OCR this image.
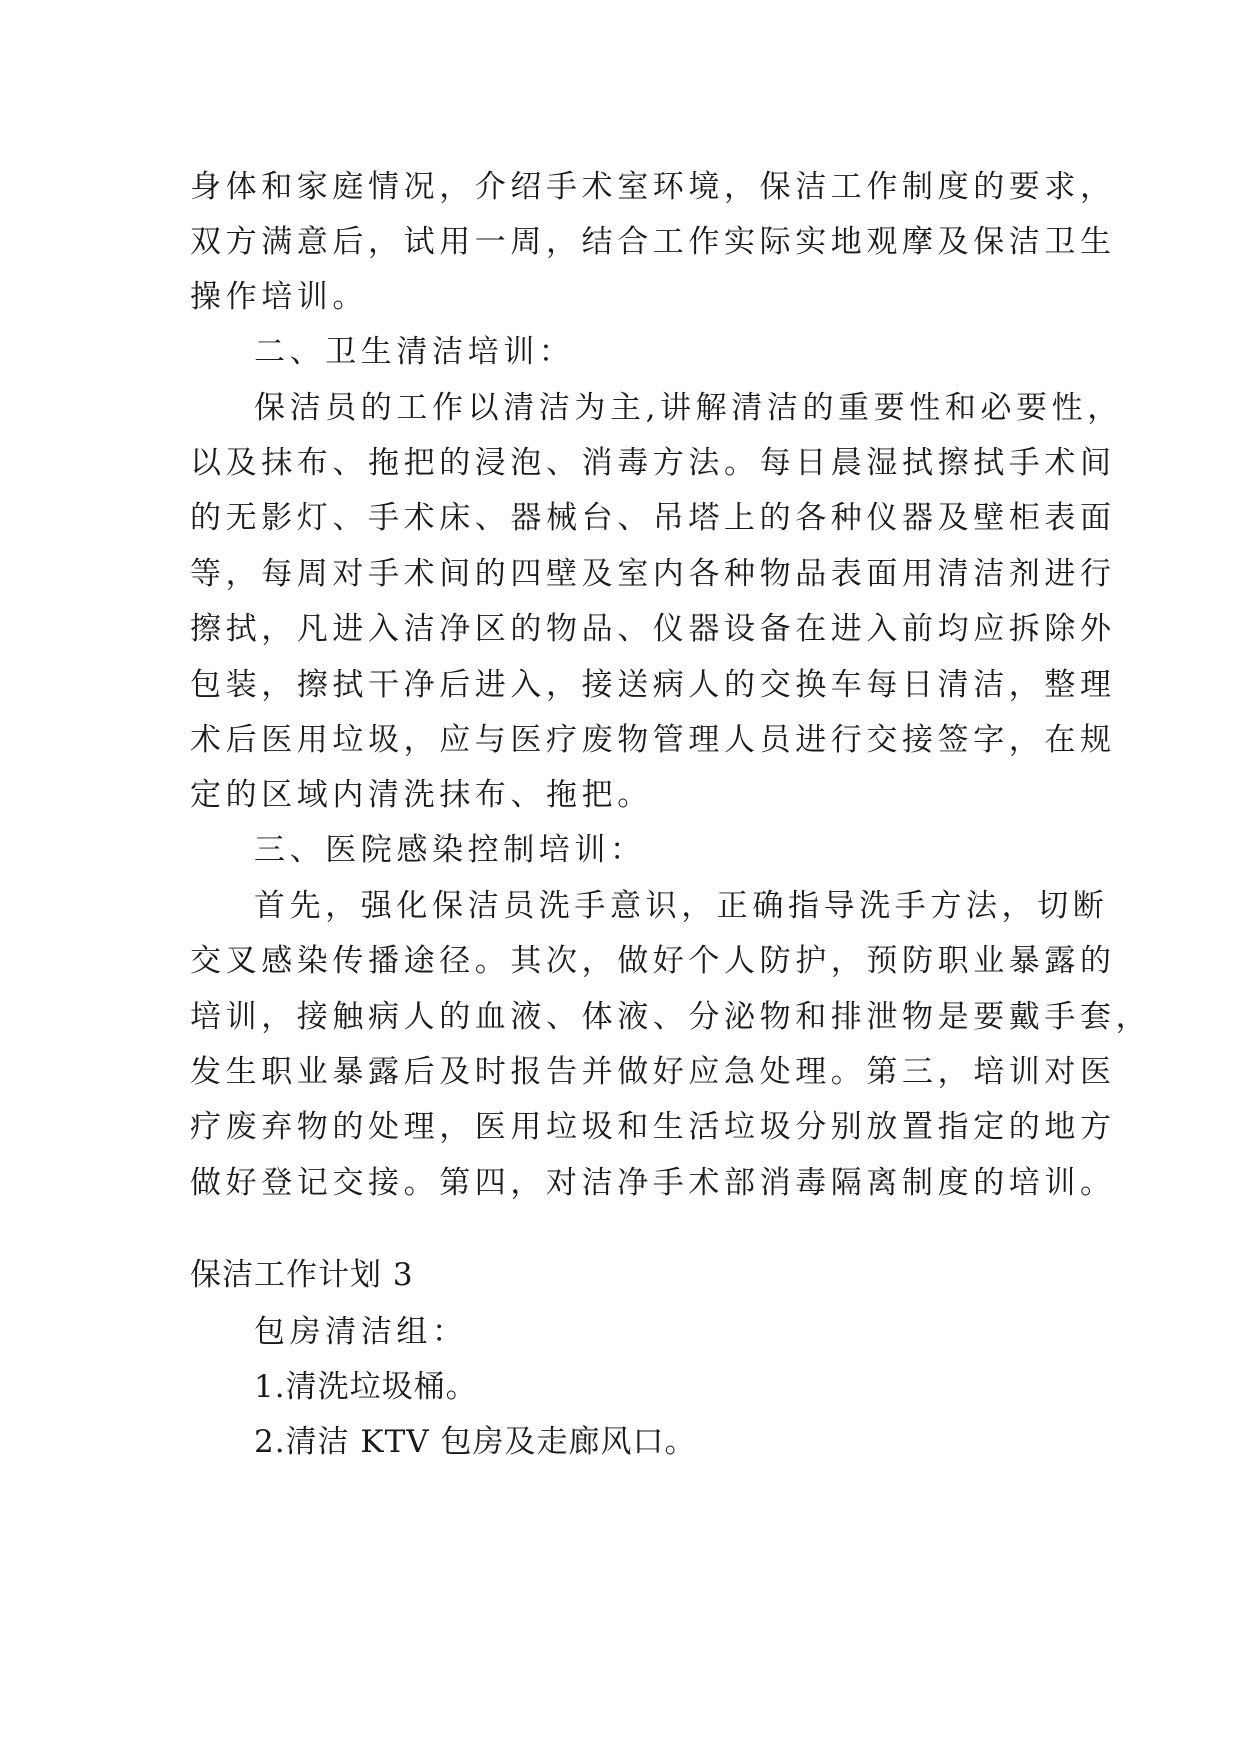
身体和家庭情况，介绍手术室环境，保洁工作制度的要求，
双方满意后，试用一周，结合工作实际实地观摩及保洁卫生
操作培训。
二、卫生清洁培训：
保洁员的工作以清洁为主,讲解清洁的重要性和必要性，
以及抹布、拖把的浸泡、消毒方法。每日晨湿拭擦拭手术间
的无影灯、手术床、器械台、吊塔上的各种仪器及壁柜表面
等，每周对手术间的四壁及室内各种物品表面用清洁剂进行
擦拭，凡进入洁净区的物品、仪器设备在进入前均应拆除外
包装，擦拭干净后进入，接送病人的交换车每日清洁，整理
术后医用垃圾，应与医疗废物管理人员进行交接签字，在规
定的区域内清洗抹布、拖把。
三、医院感染控制培训：
首先，强化保洁员洗手意识，正确指导洗手方法，切断
交叉感染传播途径。其次，做好个人防护，预防职业暴露的
培训，接触病人的血液、体液、分泌物和排泄物是要戴手套，
发生职业暴露后及时报告并做好应急处理。第三，培训对医
疗废弃物的处理，医用垃圾和生活垃圾分别放置指定的地方
做好登记交接。第四，对洁净手术部消毒隔离制度的培训。
保洁工作计划 3
包房清洁组：
1.清洗垃圾桶。
2.清洁 KTV 包房及走廊风口。
